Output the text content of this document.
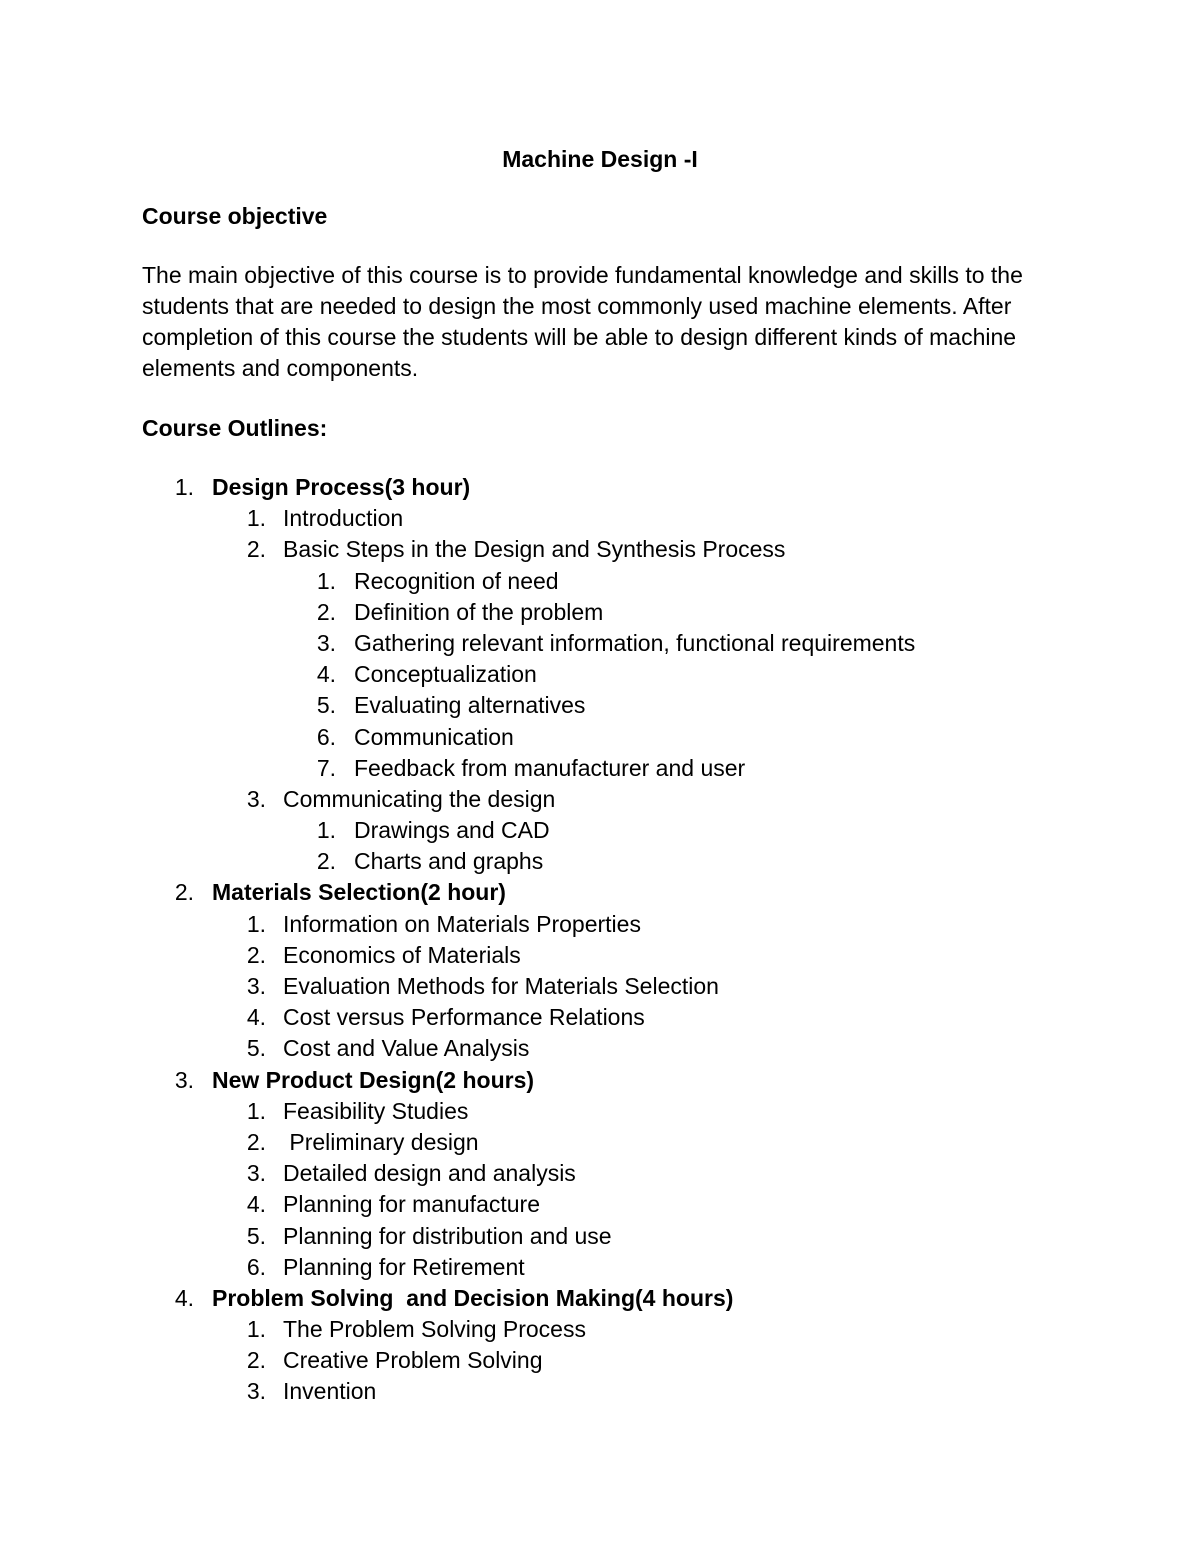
Machine Design -I
Course objective
The main objective of this course is to provide fundamental knowledge and skills to the
students that are needed to design the most commonly used machine elements. After
completion of this course the students will be able to design different kinds of machine
elements and components.
Course Outlines:
1. Design Process(3 hour)
1. Introduction
2. Basic Steps in the Design and Synthesis Process
1. Recognition of need
2. Definition of the problem
3. Gathering relevant information, functional requirements
4. Conceptualization
5. Evaluating alternatives
6. Communication
7. Feedback from manufacturer and user
3. Communicating the design
1. Drawings and CAD
2. Charts and graphs
2. Materials Selection(2 hour)
1. Information on Materials Properties
2. Economics of Materials
3. Evaluation Methods for Materials Selection
4. Cost versus Performance Relations
5. Cost and Value Analysis
3. New Product Design(2 hours)
1. Feasibility Studies
2. Preliminary design
3. Detailed design and analysis
4. Planning for manufacture
5. Planning for distribution and use
6. Planning for Retirement
4. Problem Solving  and Decision Making(4 hours)
1. The Problem Solving Process
2. Creative Problem Solving
3. Invention
